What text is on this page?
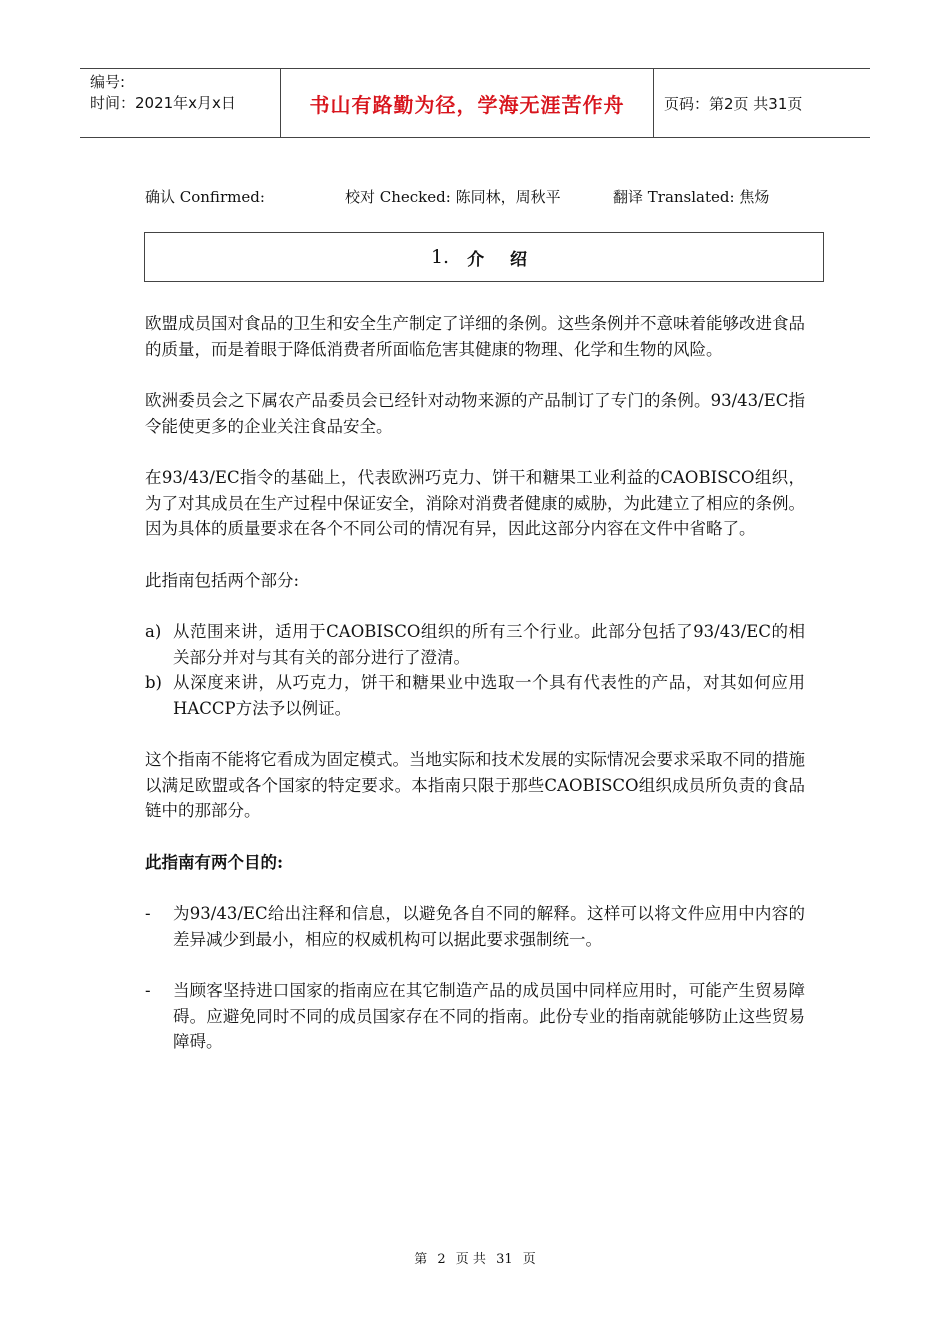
编号:
时间：2021年x月x日	书山有路勤为径，学海无涯苦作舟	页码：第2页 共31页
确认 Confirmed:	校对 Checked: 陈同林，周秋平	翻译 Translated: 焦炀
1. 介 绍

欧盟成员国对食品的卫生和安全生产制定了详细的条例。这些条例并不意味着能够改进食品的质量，而是着眼于降低消费者所面临危害其健康的物理、化学和生物的风险。

欧洲委员会之下属农产品委员会已经针对动物来源的产品制订了专门的条例。93/43/EC指令能使更多的企业关注食品安全。

在93/43/EC指令的基础上，代表欧洲巧克力、饼干和糖果工业利益的CAOBISCO组织，为了对其成员在生产过程中保证安全，消除对消费者健康的威胁，为此建立了相应的条例。因为具体的质量要求在各个不同公司的情况有异，因此这部分内容在文件中省略了。

此指南包括两个部分:

a) 从范围来讲，适用于CAOBISCO组织的所有三个行业。此部分包括了93/43/EC的相关部分并对与其有关的部分进行了澄清。
b) 从深度来讲，从巧克力，饼干和糖果业中选取一个具有代表性的产品，对其如何应用HACCP方法予以例证。

这个指南不能将它看成为固定模式。当地实际和技术发展的实际情况会要求采取不同的措施以满足欧盟或各个国家的特定要求。本指南只限于那些CAOBISCO组织成员所负责的食品链中的那部分。

此指南有两个目的:

-	为93/43/EC给出注释和信息，以避免各自不同的解释。这样可以将文件应用中内容的差异减少到最小，相应的权威机构可以据此要求强制统一。
-	当顾客坚持进口国家的指南应在其它制造产品的成员国中同样应用时，可能产生贸易障碍。应避免同时不同的成员国家存在不同的指南。此份专业的指南就能够防止这些贸易障碍。
第 2 页 共 31 页
